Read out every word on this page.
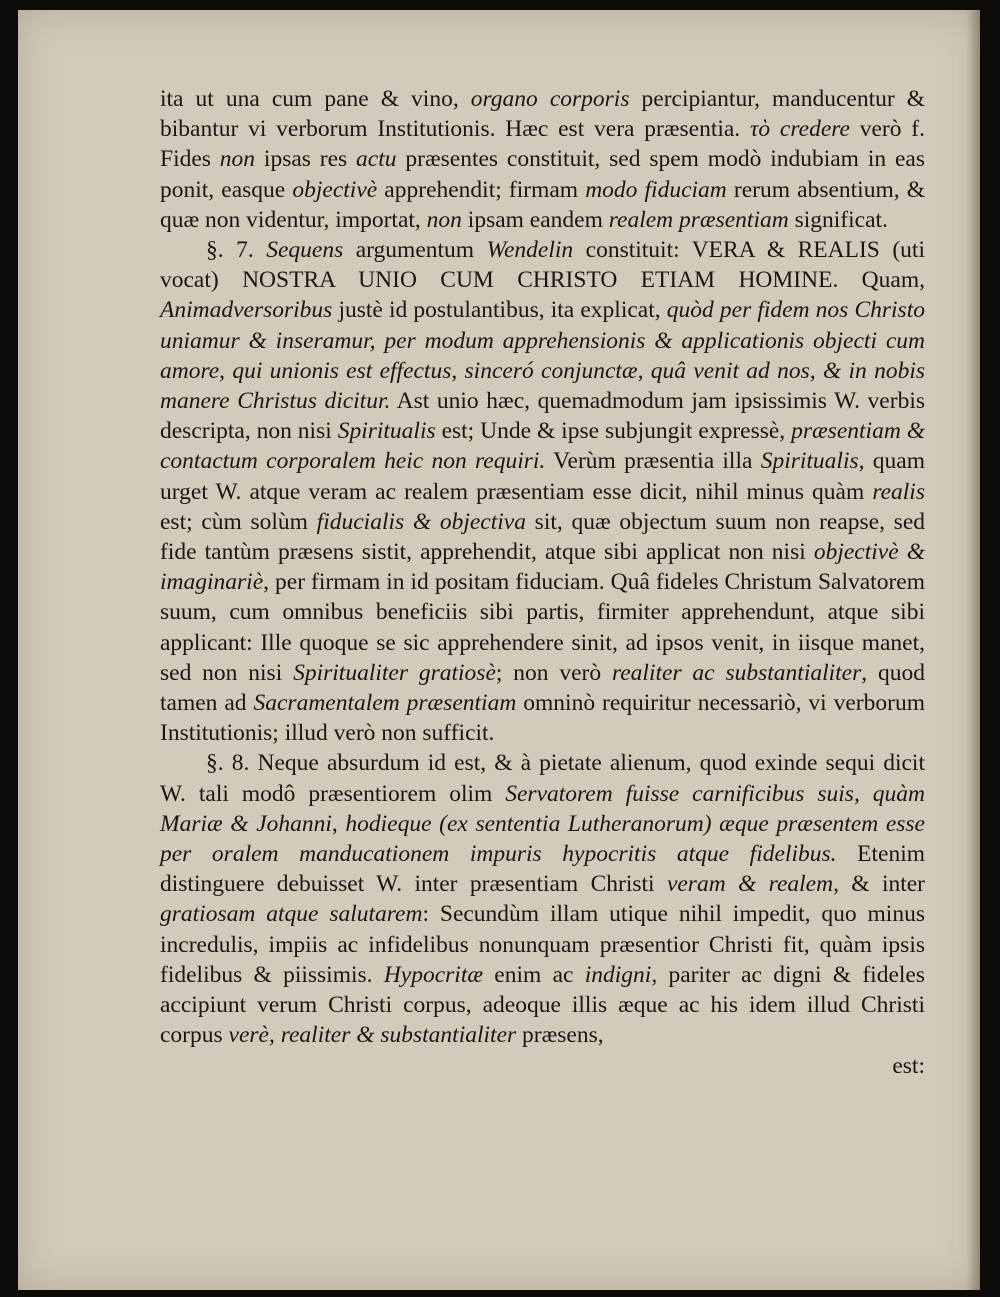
ita ut una cum pane & vino, organo corporis percipiantur, manducentur & bibantur vi verborum Institutionis. Hæc est vera præsentia. τὸ credere verò f. Fides non ipsas res actu præsentes constituit, sed spem modò indubiam in eas ponit, easque objectivè apprehendit; firmam modo fiduciam rerum absentium, & quæ non videntur, importat, non ipsam eandem realem præsentiam significat.

§. 7. Sequens argumentum Wendelin constituit: VERA & REALIS (uti vocat) NOSTRA UNIO CUM CHRISTO ETIAM HOMINE. Quam, Animadversoribus justè id postulantibus, ita explicat, quòd per fidem nos Christo uniamur & inseramur, per modum apprehensionis & applicationis objecti cum amore, qui unionis est effectus, sinceró conjunctæ, quâ venit ad nos, & in nobis manere Christus dicitur. Ast unio hæc, quemadmodum jam ipsissimis W. verbis descripta, non nisi Spiritualis est; Unde & ipse subjungit expressè, præsentiam & contactum corporalem heic non requiri. Verùm præsentia illa Spiritualis, quam urget W. atque veram ac realem præsentiam esse dicit, nihil minus quàm realis est; cùm solùm fiducialis & objectiva sit, quæ objectum suum non reapse, sed fide tantùm præsens sistit, apprehendit, atque sibi applicat non nisi objectivè & imaginariè, per firmam in id positam fiduciam. Quâ fideles Christum Salvatorem suum, cum omnibus beneficiis sibi partis, firmiter apprehendunt, atque sibi applicant: Ille quoque se sic apprehendere sinit, ad ipsos venit, in iisque manet, sed non nisi Spiritualiter gratiosè; non verò realiter ac substantialiter, quod tamen ad Sacramentalem præsentiam omninò requiritur necessariò, vi verborum Institutionis; illud verò non sufficit.

§. 8. Neque absurdum id est, & à pietate alienum, quod exinde sequi dicit W. tali modô præsentiorem olim Servatorem fuisse carnificibus suis, quàm Mariæ & Johanni, hodieque (ex sententia Lutheranorum) æque præsentem esse per oralem manducationem impuris hypocritis atque fidelibus. Etenim distinguere debuisset W. inter præsentiam Christi veram & realem, & inter gratiosam atque salutarem: Secundùm illam utique nihil impedit, quo minus incredulis, impiis ac infidelibus nonunquam præsentior Christi fit, quàm ipsis fidelibus & piissimis. Hypocritæ enim ac indigni, pariter ac digni & fideles accipiunt verum Christi corpus, adeoque illis æque ac his idem illud Christi corpus verè, realiter & substantialiter præsens,

est:
